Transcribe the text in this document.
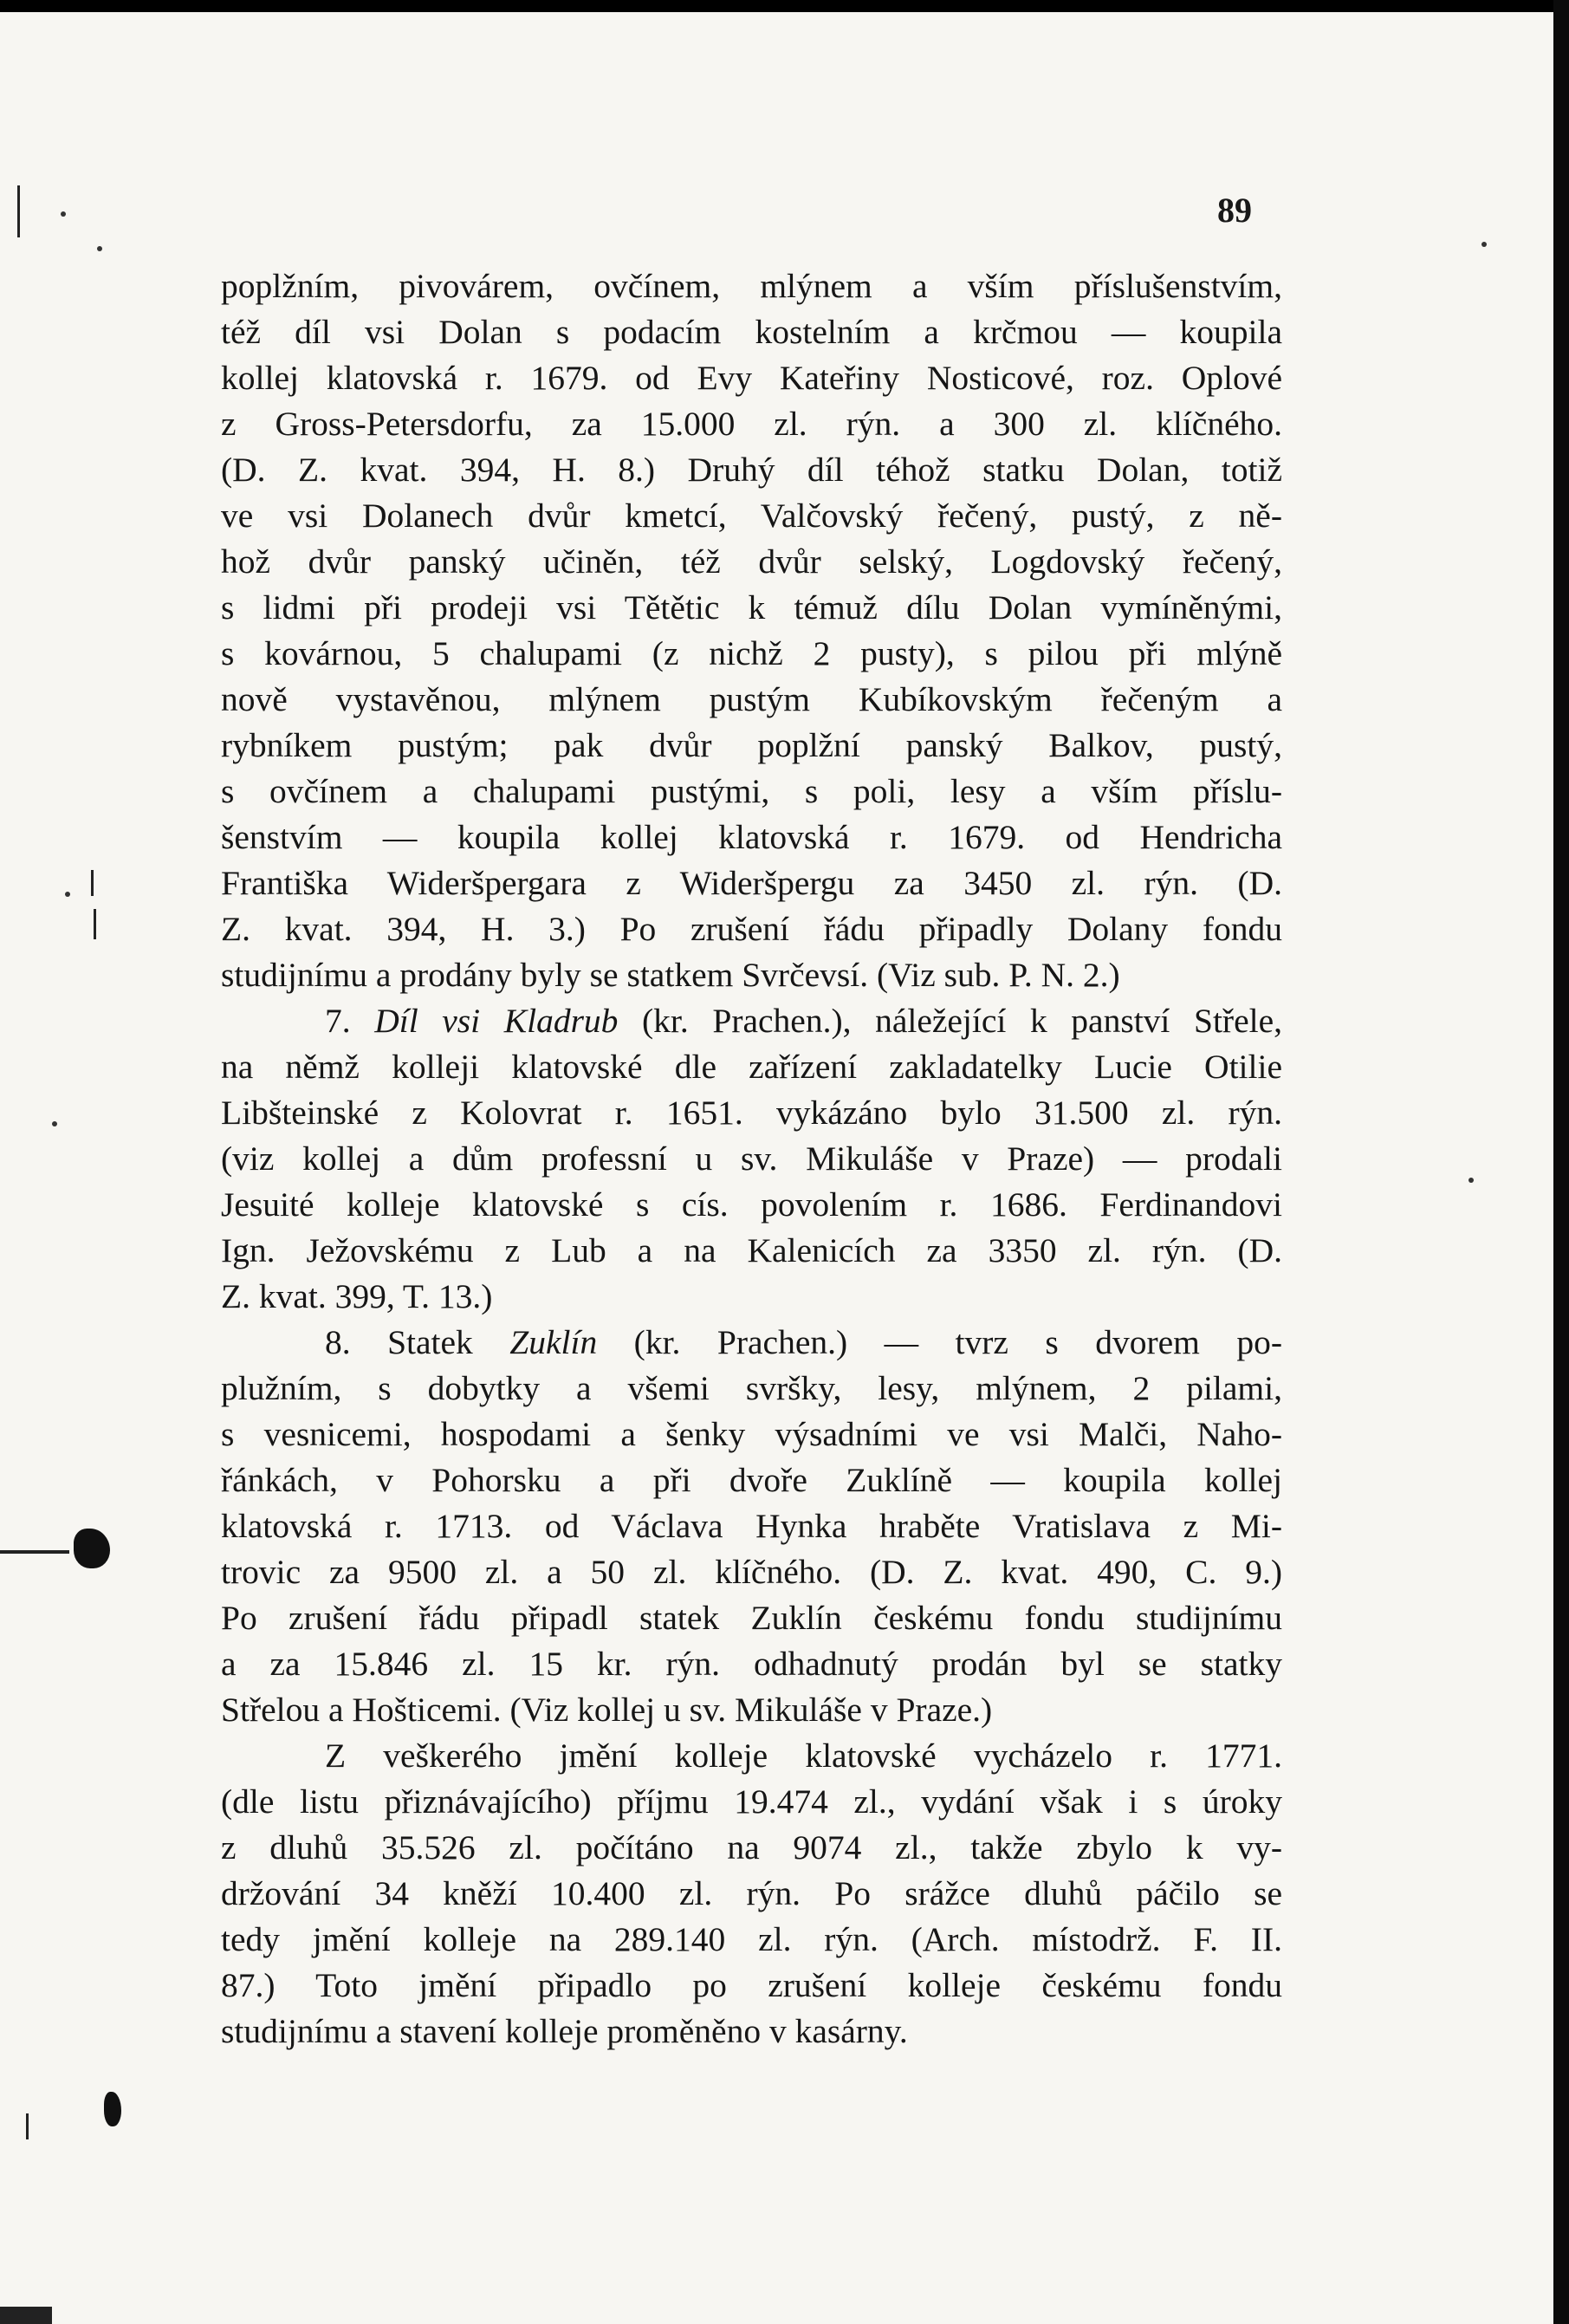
89
poplžním, pivovárem, ovčínem, mlýnem a vším příslušenstvím,
též díl vsi Dolan s podacím kostelním a krčmou — koupila
kollej klatovská r. 1679. od Evy Kateřiny Nosticové, roz. Oplové
z Gross-Petersdorfu, za 15.000 zl. rýn. a 300 zl. klíčného.
(D. Z. kvat. 394, H. 8.) Druhý díl téhož statku Dolan, totiž
ve vsi Dolanech dvůr kmetcí, Valčovský řečený, pustý, z ně-
hož dvůr panský učiněn, též dvůr selský, Logdovský řečený,
s lidmi při prodeji vsi Tětětic k témuž dílu Dolan vymíněnými,
s kovárnou, 5 chalupami (z nichž 2 pusty), s pilou při mlýně
nově vystavěnou, mlýnem pustým Kubíkovským řečeným a
rybníkem pustým; pak dvůr poplžní panský Balkov, pustý,
s ovčínem a chalupami pustými, s poli, lesy a vším příslu-
šenstvím — koupila kollej klatovská r. 1679. od Hendricha
Františka Wideršpergara z Wideršpergu za 3450 zl. rýn. (D.
Z. kvat. 394, H. 3.) Po zrušení řádu připadly Dolany fondu
studijnímu a prodány byly se statkem Svrčevsí. (Viz sub. P. N. 2.)
7. Díl vsi Kladrub (kr. Prachen.), náležející k panství Střele,
na němž kolleji klatovské dle zařízení zakladatelky Lucie Otilie
Libšteinské z Kolovrat r. 1651. vykázáno bylo 31.500 zl. rýn.
(viz kollej a dům professní u sv. Mikuláše v Praze) — prodali
Jesuité kolleje klatovské s cís. povolením r. 1686. Ferdinandovi
Ign. Ježovskému z Lub a na Kalenicích za 3350 zl. rýn. (D.
Z. kvat. 399, T. 13.)
8. Statek Zuklín (kr. Prachen.) — tvrz s dvorem po-
plužním, s dobytky a všemi svršky, lesy, mlýnem, 2 pilami,
s vesnicemi, hospodami a šenky výsadními ve vsi Malči, Naho-
řánkách, v Pohorsku a při dvoře Zuklíně — koupila kollej
klatovská r. 1713. od Václava Hynka hraběte Vratislava z Mi-
trovic za 9500 zl. a 50 zl. klíčného. (D. Z. kvat. 490, C. 9.)
Po zrušení řádu připadl statek Zuklín českému fondu studijnímu
a za 15.846 zl. 15 kr. rýn. odhadnutý prodán byl se statky
Střelou a Hošticemi. (Viz kollej u sv. Mikuláše v Praze.)
Z veškerého jmění kolleje klatovské vycházelo r. 1771.
(dle listu přiznávajícího) příjmu 19.474 zl., vydání však i s úroky
z dluhů 35.526 zl. počítáno na 9074 zl., takže zbylo k vy-
držování 34 kněží 10.400 zl. rýn. Po srážce dluhů páčilo se
tedy jmění kolleje na 289.140 zl. rýn. (Arch. místodrž. F. II.
87.) Toto jmění připadlo po zrušení kolleje českému fondu
studijnímu a stavení kolleje proměněno v kasárny.
